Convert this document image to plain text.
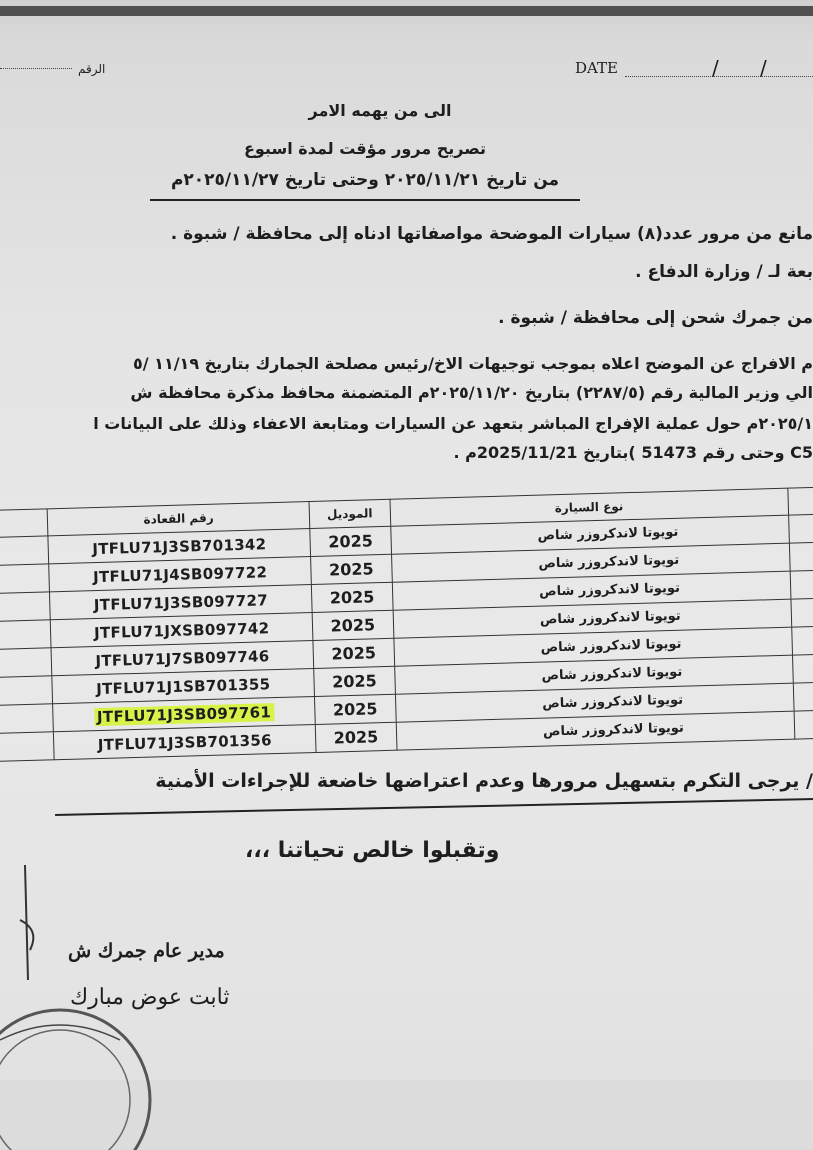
الرقم	DATE	/ /
الى من يهمه الامر
تصريح مرور مؤقت لمدة اسبوع
من تاريخ ٢٠٢٥/١١/٢١ وحتى تاريخ ٢٠٢٥/١١/٢٧م
مانع من مرور عدد(٨) سيارات الموضحة مواصفاتها ادناه إلى محافظة / شبوة .
بعة لـ / وزارة الدفاع .
من جمرك شحن إلى محافظة / شبوة .
م الافراج عن الموضح اعلاه بموجب توجيهات الاخ/رئيس مصلحة الجمارك بتاريخ ١١/١٩ /٥
الي وزير المالية رقم (٢٢٨٧/٥) بتاريخ ٢٠٢٥/١١/٢٠م المتضمنة محافظ مذكرة محافظة ش
٢٠٢٥/١م حول عملية الإفراج المباشر بتعهد عن السيارات ومتابعة الاعفاء وذلك على البيانات ا
C5 وحتى رقم 51473 )بتاريخ 2025/11/21م .
	رقم القعادة	الموديل	نوع السيارة	
	JTFLU71J3SB701342	2025	تويوتا لاندكروزر شاص	
	JTFLU71J4SB097722	2025	تويوتا لاندكروزر شاص	
	JTFLU71J3SB097727	2025	تويوتا لاندكروزر شاص	
	JTFLU71JXSB097742	2025	تويوتا لاندكروزر شاص	
	JTFLU71J7SB097746	2025	تويوتا لاندكروزر شاص	
	JTFLU71J1SB701355	2025	تويوتا لاندكروزر شاص	
	JTFLU71J3SB097761	2025	تويوتا لاندكروزر شاص	
	JTFLU71J3SB701356	2025	تويوتا لاندكروزر شاص	
/ يرجى التكرم بتسهيل مرورها وعدم اعتراضها خاضعة للإجراءات الأمنية
وتقبلوا خالص تحياتنا ،،،
مدير عام جمرك ش
ثابت عوض مبارك
